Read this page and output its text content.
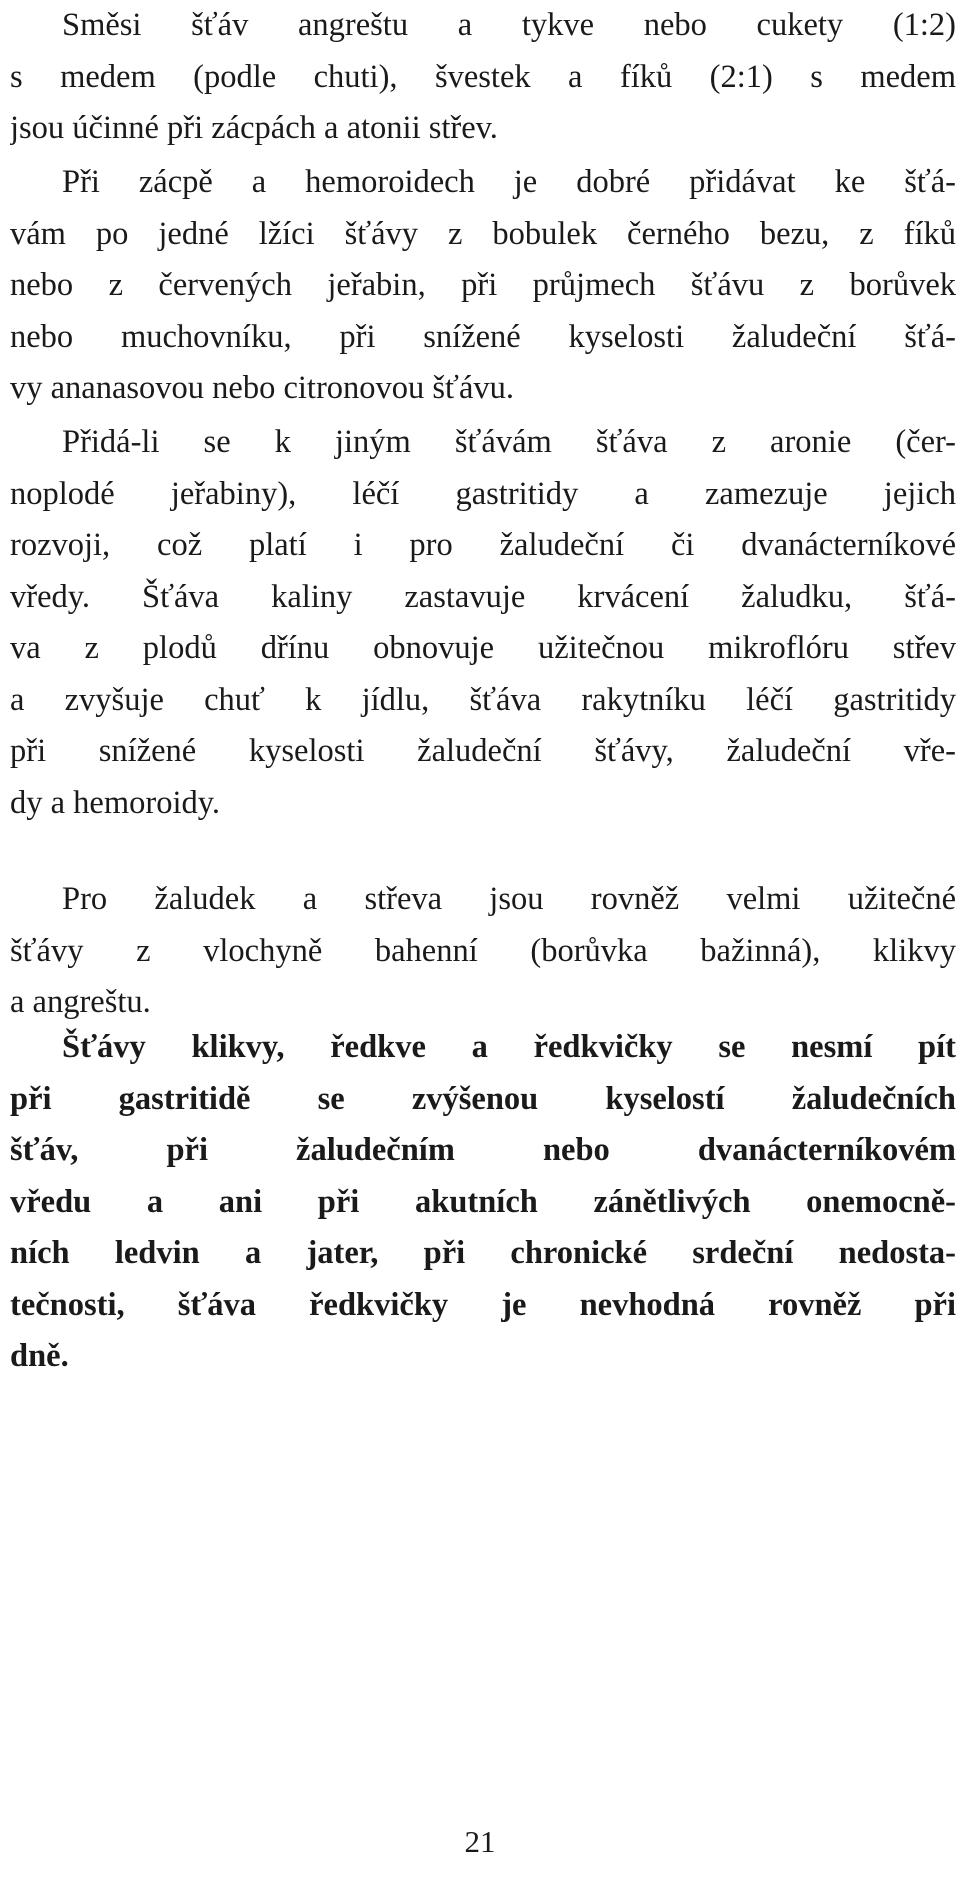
Směsi šťáv angreštu a tykve nebo cukety (1:2)
s medem (podle chuti), švestek a fíků (2:1) s medem
jsou účinné při zácpách a atonii střev.
Při zácpě a hemoroidech je dobré přidávat ke šťá-
vám po jedné lžíci šťávy z bobulek černého bezu, z fíků
nebo z červených jeřabin, při průjmech šťávu z borůvek
nebo muchovníku, při snížené kyselosti žaludeční šťá-
vy ananasovou nebo citronovou šťávu.
Přidá-li se k jiným šťávám šťáva z aronie (čer-
noplodé jeřabiny), léčí gastritidy a zamezuje jejich
rozvoji, což platí i pro žaludeční či dvanácterníkové
vředy. Šťáva kaliny zastavuje krvácení žaludku, šťá-
va z plodů dřínu obnovuje užitečnou mikroflóru střev
a zvyšuje chuť k jídlu, šťáva rakytníku léčí gastritidy
při snížené kyselosti žaludeční šťávy, žaludeční vře-
dy a hemoroidy.
Pro žaludek a střeva jsou rovněž velmi užitečné
šťávy z vlochyně bahenní (borůvka bažinná), klikvy
a angreštu.
Šťávy klikvy, ředkve a ředkvičky se nesmí pít
při gastritidě se zvýšenou kyselostí žaludečních
šťáv, při žaludečním nebo dvanácterníkovém
vředu a ani při akutních zánětlivých onemocně-
ních ledvin a jater, při chronické srdeční nedosta-
tečnosti, šťáva ředkvičky je nevhodná rovněž při
dně.
21
